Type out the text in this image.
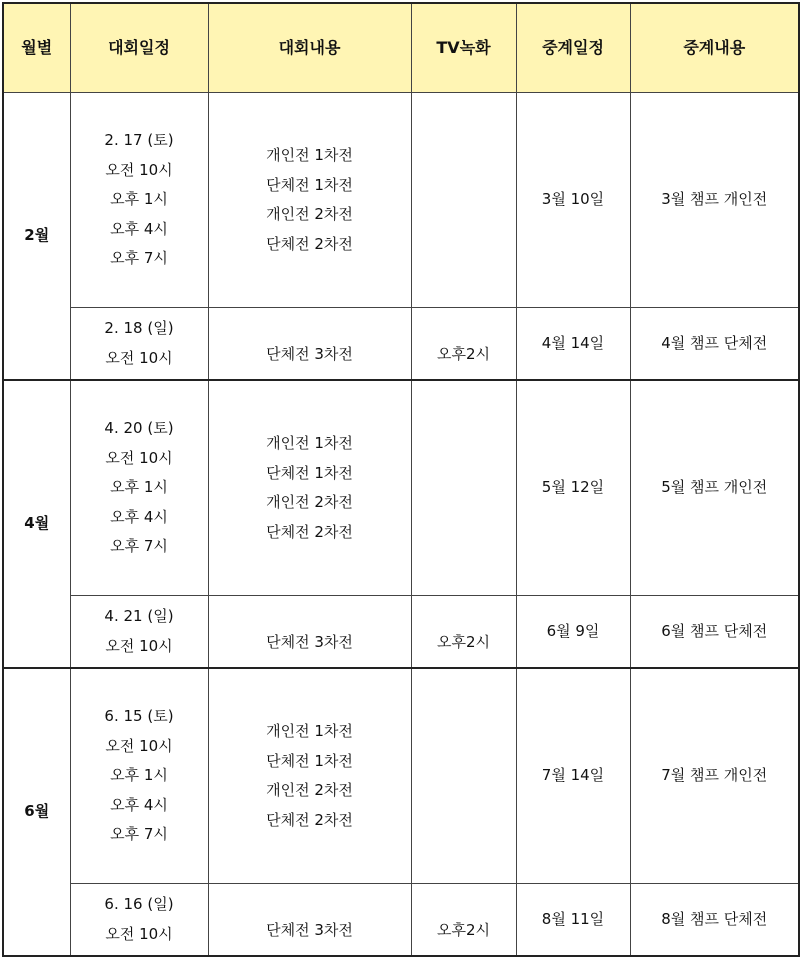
월별	대회일정	대회내용	TV녹화	중계일정	중계내용
2월	2. 17 (토)
오전 10시
오후 1시
오후 4시
오후 7시	개인전 1차전
단체전 1차전
개인전 2차전
단체전 2차전		3월 10일	3월 챔프 개인전

	2. 18 (일)
오전 10시	단체전 3차전	오후2시	4월 14일	4월 챔프 단체전
4월	4. 20 (토)
오전 10시
오후 1시
오후 4시
오후 7시	개인전 1차전
단체전 1차전
개인전 2차전
단체전 2차전		5월 12일	5월 챔프 개인전

	4. 21 (일)
오전 10시	단체전 3차전	오후2시	6월 9일	6월 챔프 단체전
6월	6. 15 (토)
오전 10시
오후 1시
오후 4시
오후 7시	개인전 1차전
단체전 1차전
개인전 2차전
단체전 2차전		7월 14일	7월 챔프 개인전

	6. 16 (일)
오전 10시	단체전 3차전	오후2시	8월 11일	8월 챔프 단체전
